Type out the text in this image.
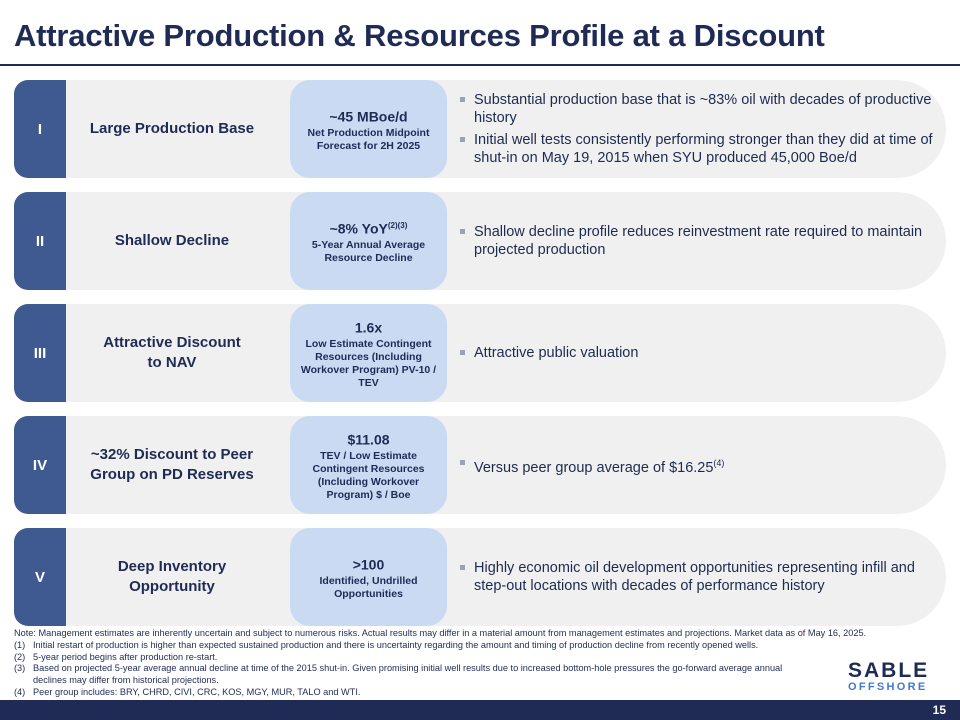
Attractive Production & Resources Profile at a Discount
I	Large Production Base
~45 MBoe/d
Net Production Midpoint Forecast for 2H 2025
Substantial production base that is ~83% oil with decades of productive history
Initial well tests consistently performing stronger than they did at time of shut-in on May 19, 2015 when SYU produced 45,000 Boe/d
II	Shallow Decline
~8% YoY$^{(2)(3)}$
5-Year Annual Average Resource Decline
Shallow decline profile reduces reinvestment rate required to maintain projected production
III
Attractive Discount to NAV
1.6x
Low Estimate Contingent Resources (Including Workover Program) PV-10 / TEV
Attractive public valuation
IV
~32% Discount to Peer Group on PD Reserves
$11.08
TEV / Low Estimate Contingent Resources (Including Workover Program) $ / Boe
Versus peer group average of $16.25$^{(4)}$
V
Deep Inventory Opportunity
>100
Identified, Undrilled Opportunities
Highly economic oil development opportunities representing infill and step-out locations with decades of performance history
Note: Management estimates are inherently uncertain and subject to numerous risks. Actual results may differ in a material amount from management estimates and projections. Market data as of May 16, 2025.
(1) Initial restart of production is higher than expected sustained production and there is uncertainty regarding the amount and timing of production decline from recently opened wells.
(2) 5-year period begins after production re-start.
(3) Based on projected 5-year average annual decline at time of the 2015 shut-in. Given promising initial well results due to increased bottom-hole pressures the go-forward average annual declines may differ from historical projections.
(4) Peer group includes: BRY, CHRD, CIVI, CRC, KOS, MGY, MUR, TALO and WTI.
SABLE
OFFSHORE
15
